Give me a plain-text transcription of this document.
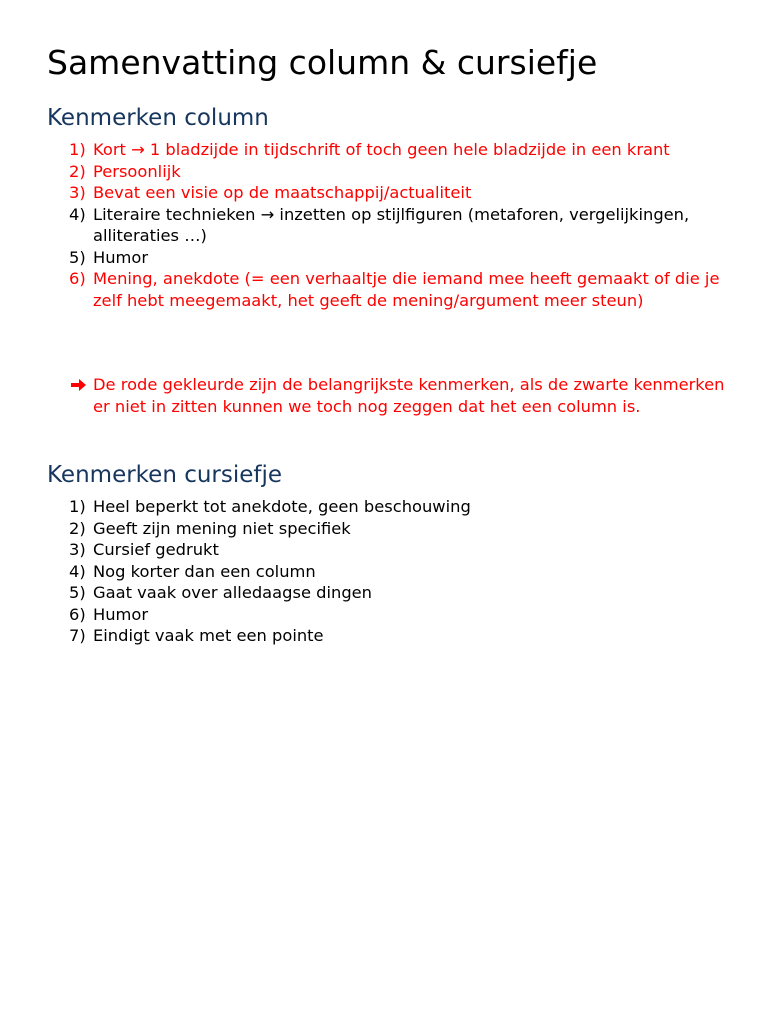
Samenvatting column & cursiefje
Kenmerken column
1) Kort → 1 bladzijde in tijdschrift of toch geen hele bladzijde in een krant
2) Persoonlijk
3) Bevat een visie op de maatschappij/actualiteit
4) Literaire technieken → inzetten op stijlfiguren (metaforen, vergelijkingen, alliteraties …)
5) Humor
6) Mening, anekdote (= een verhaaltje die iemand mee heeft gemaakt of die je zelf hebt meegemaakt, het geeft de mening/argument meer steun)
De rode gekleurde zijn de belangrijkste kenmerken, als de zwarte kenmerken er niet in zitten kunnen we toch nog zeggen dat het een column is.
Kenmerken cursiefje
1) Heel beperkt tot anekdote, geen beschouwing
2) Geeft zijn mening niet specifiek
3) Cursief gedrukt
4) Nog korter dan een column
5) Gaat vaak over alledaagse dingen
6) Humor
7) Eindigt vaak met een pointe
